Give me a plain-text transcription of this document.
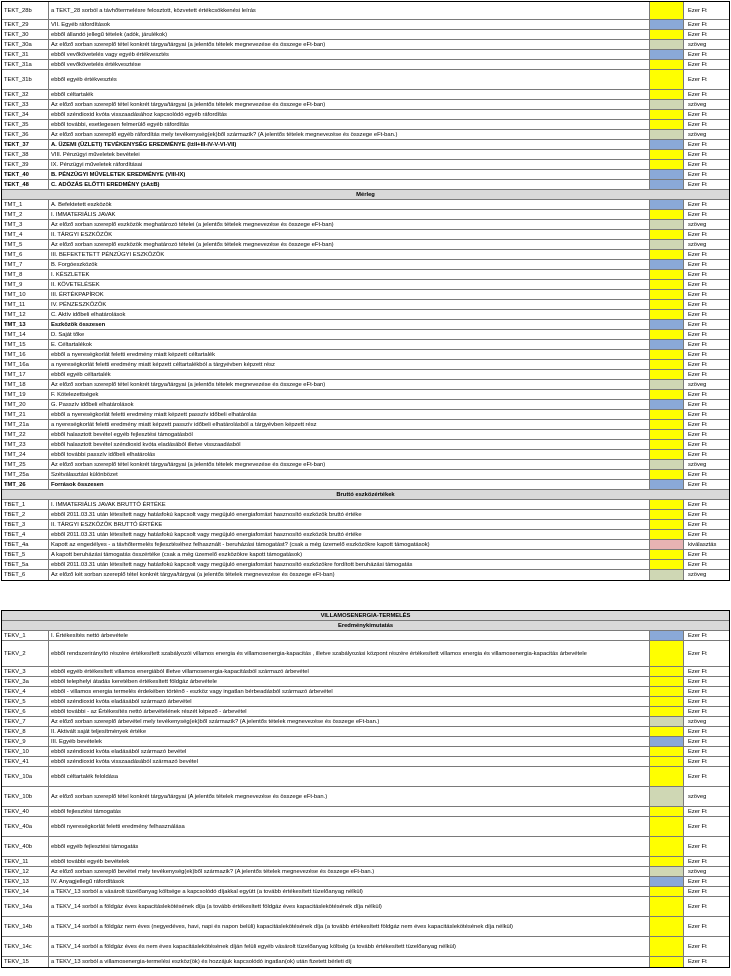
TEKT_28b	a TEKT_28 sorból a távhőtermelésre felosztott, közvetett értékcsökkenési leírás	Ezer Ft
TEKT_29	VII. Egyéb ráfordítások	Ezer Ft
TEKT_30	ebből állandó jellegű tételek (adók, járulékok)	Ezer Ft
TEKT_30a	Az előző sorban szereplő tétel konkrét tárgya/tárgyai (a jelentős tételek megnevezése és összege eFt-ban)	szöveg
TEKT_31	ebből vevőkövetelés vagy egyéb értékvesztés	Ezer Ft
TEKT_31a	ebből vevőkövetelés értékvesztése	Ezer Ft
TEKT_31b	ebből egyéb értékvesztés	Ezer Ft
TEKT_32	ebből céltartalék	Ezer Ft
TEKT_33	Az előző sorban szereplő tétel konkrét tárgya/tárgyai (a jelentős tételek megnevezése és összege eFt-ban)	szöveg
TEKT_34	ebből széndioxid kvóta visszaadásához kapcsolódó egyéb ráfordítás	Ezer Ft
TEKT_35	ebből további, esetlegesen felmerülő egyéb ráfordítás	Ezer Ft
TEKT_36	Az előző sorban szereplő egyéb ráfordítás mely tevékenység(ek)ből származik? (A jelentős tételek megnevezése és összege eFt-ban.)	szöveg
TEKT_37	A. ÜZEMI (ÜZLETI) TEVÉKENYSÉG EREDMÉNYE (I±II+III-IV-V-VI-VII)	Ezer Ft
TEKT_38	VIII. Pénzügyi műveletek bevételei	Ezer Ft
TEKT_39	IX. Pénzügyi műveletek ráfordításai	Ezer Ft
TEKT_40	B. PÉNZÜGYI MŰVELETEK EREDMÉNYE (VIII-IX)	Ezer Ft
TEKT_48	C. ADÓZÁS ELŐTTI EREDMÉNY (±A±B)	Ezer Ft
Mérleg
TMT_1	A. Befektetett eszközök	Ezer Ft
TMT_2	I. IMMATERIÁLIS JAVAK	Ezer Ft
TMT_3	Az előző sorban szereplő eszközök meghatározó tételei (a jelentős tételek megnevezése és összege eFt-ban)	szöveg
TMT_4	II. TÁRGYI ESZKÖZÖK	Ezer Ft
TMT_5	Az előző sorban szereplő eszközök meghatározó tételei (a jelentős tételek megnevezése és összege eFt-ban)	szöveg
TMT_6	III. BEFEKTETETT PÉNZÜGYI ESZKÖZÖK	Ezer Ft
TMT_7	B. Forgóeszközök	Ezer Ft
TMT_8	I. KÉSZLETEK	Ezer Ft
TMT_9	II. KÖVETELÉSEK	Ezer Ft
TMT_10	III. ÉRTÉKPAPÍROK	Ezer Ft
TMT_11	IV. PÉNZESZKÖZÖK	Ezer Ft
TMT_12	C. Aktív időbeli elhatárolások	Ezer Ft
TMT_13	Eszközök összesen	Ezer Ft
TMT_14	D. Saját tőke	Ezer Ft
TMT_15	E. Céltartalékok	Ezer Ft
TMT_16	ebből a nyereségkorlát feletti eredmény miatt képzett céltartalék	Ezer Ft
TMT_16a	a nyereségkorlát feletti eredmény miatt képzett céltartalékból a tárgyévben képzett rész	Ezer Ft
TMT_17	ebből egyéb céltartalék	Ezer Ft
TMT_18	Az előző sorban szereplő tétel konkrét tárgya/tárgyai (a jelentős tételek megnevezése és összege eFt-ban)	szöveg
TMT_19	F. Kötelezettségek	Ezer Ft
TMT_20	G. Passzív időbeli elhatárolások	Ezer Ft
TMT_21	ebből a nyereségkorlát feletti eredmény miatt képzett passzív időbeli elhatárolás	Ezer Ft
TMT_21a	a nyereségkorlát feletti eredmény miatt képzett passzív időbeli elhatárolásból a tárgyévben képzett rész	Ezer Ft
TMT_22	ebből halasztott bevétel egyéb fejlesztési támogatásból	Ezer Ft
TMT_23	ebből halasztott bevétel széndioxid kvóta eladásából illetve visszaadásból	Ezer Ft
TMT_24	ebből további passzív időbeli elhatárolás	Ezer Ft
TMT_25	Az előző sorban szereplő tétel konkrét tárgya/tárgyai (a jelentős tételek megnevezése és összege eFt-ban)	szöveg
TMT_25a	Szétválasztási különbözet	Ezer Ft
TMT_26	Források összesen	Ezer Ft
Bruttó eszközértékek
TBET_1	I. IMMATERIÁLIS JAVAK BRUTTÓ ÉRTÉKE	Ezer Ft
TBET_2	ebből 2011.03.31 után létesített nagy hatásfokú kapcsolt vagy megújuló energiaforrást hasznosító eszközök bruttó értéke	Ezer Ft
TBET_3	II. TÁRGYI ESZKÖZÖK BRUTTÓ ÉRTÉKE	Ezer Ft
TBET_4	ebből 2011.03.31 után létesített nagy hatásfokú kapcsolt vagy megújuló energiaforrást hasznosító eszközök bruttó értéke	Ezer Ft
TBET_4a	Kapott az engedélyes - a távhőtermelés fejlesztéséhez felhasznált - beruházási támogatást? (csak a még üzemelő eszközökre kapott támogatások)	kiválasztás
TBET_5	A kapott beruházási támogatás összértéke (csak a még üzemelő eszközökre kapott támogatások)	Ezer Ft
TBET_5a	ebből 2011.03.31 után létesített nagy hatásfokú kapcsolt vagy megújuló energiaforrást hasznosító eszközökre fordított beruházási támogatás	Ezer Ft
TBET_6	Az előző két sorban szereplő tétel konkrét tárgya/tárgyai (a jelentős tételek megnevezése és összege eFt-ban)	szöveg
VILLAMOSENERGIA-TERMELÉS
Eredménykimutatás
TEKV_1	I. Értékesítés nettó árbevétele	Ezer Ft
TEKV_2	ebből rendszerirányító részére értékesített szabályozói villamos energia és villamosenergia-kapacitás , illetve szabályozási központ részére értékesített villamos energia és villamosenergia-kapacitás árbevétele	Ezer Ft
TEKV_3	ebből egyéb értékesített villamos energiából illetve villamosenergia-kapacitásból származó árbevétel	Ezer Ft
TEKV_3a	ebből telephelyi átadás keretében értékesített földgáz árbevétele	Ezer Ft
TEKV_4	ebből - villamos energia termelés érdekében történő - eszköz vagy ingatlan bérbeadásból származó árbevétel	Ezer Ft
TEKV_5	ebből széndioxid kvóta eladásából származó árbevétel	Ezer Ft
TEKV_6	ebből további - az Értékesítés nettó árbevételének részét képező - árbevétel	Ezer Ft
TEKV_7	Az előző sorban szereplő árbevétel mely tevékenység(ek)ből származik? (A jelentős tételek megnevezése és összege eFt-ban.)	szöveg
TEKV_8	II. Aktivált saját teljesítmények értéke	Ezer Ft
TEKV_9	III. Egyéb bevételek	Ezer Ft
TEKV_10	ebből széndioxid kvóta eladásából származó bevétel	Ezer Ft
TEKV_41	ebből széndioxid kvóta visszaadásából származó bevétel	Ezer Ft
TEKV_10a	ebből céltartalék feloldása	Ezer Ft
TEKV_10b	Az előző sorban szereplő tétel konkrét tárgya/tárgyai (A jelentős tételek megnevezése és összege eFt-ban.)	szöveg
TEKV_40	ebből fejlesztési támogatás	Ezer Ft
TEKV_40a	ebből nyereségkorlát feletti eredmény felhasználása	Ezer Ft
TEKV_40b	ebből egyéb fejlesztési támogatás	Ezer Ft
TEKV_11	ebből további egyéb bevételek	Ezer Ft
TEKV_12	Az előző sorban szereplő bevétel mely tevékenység(ek)ből származik? (A jelentős tételek megnevezése és összege eFt-ban.)	szöveg
TEKV_13	IV. Anyagjellegű ráfordítások	Ezer Ft
TEKV_14	a TEKV_13 sorból a vásárolt tüzelőanyag költsége a kapcsolódó díjakkal együtt (a tovább értékesített tüzelőanyag nélkül)	Ezer Ft
TEKV_14a	a TEKV_14 sorból a földgáz éves kapacitáslekötésének díja (a tovább értékesített földgáz éves kapacitáslekötésének díja nélkül)	Ezer Ft
TEKV_14b	a TEKV_14 sorból a földgáz nem éves (negyedéves, havi, napi és napon belüli) kapacitáslekötésének díja (a tovább értékesített földgáz nem éves kapacitáslekötésének díja nélkül)	Ezer Ft
TEKV_14c	a TEKV_14 sorból a földgáz éves és nem éves kapacitáslekötésének díján felüli egyéb vásárolt tüzelőanyag költség (a tovább értékesített tüzelőanyag nélkül)	Ezer Ft
TEKV_15	a TEKV_13 sorból a villamosenergia-termelési eszköz(ök) és hozzájuk kapcsolódó ingatlan(ok) után fizetett bérleti díj	Ezer Ft
